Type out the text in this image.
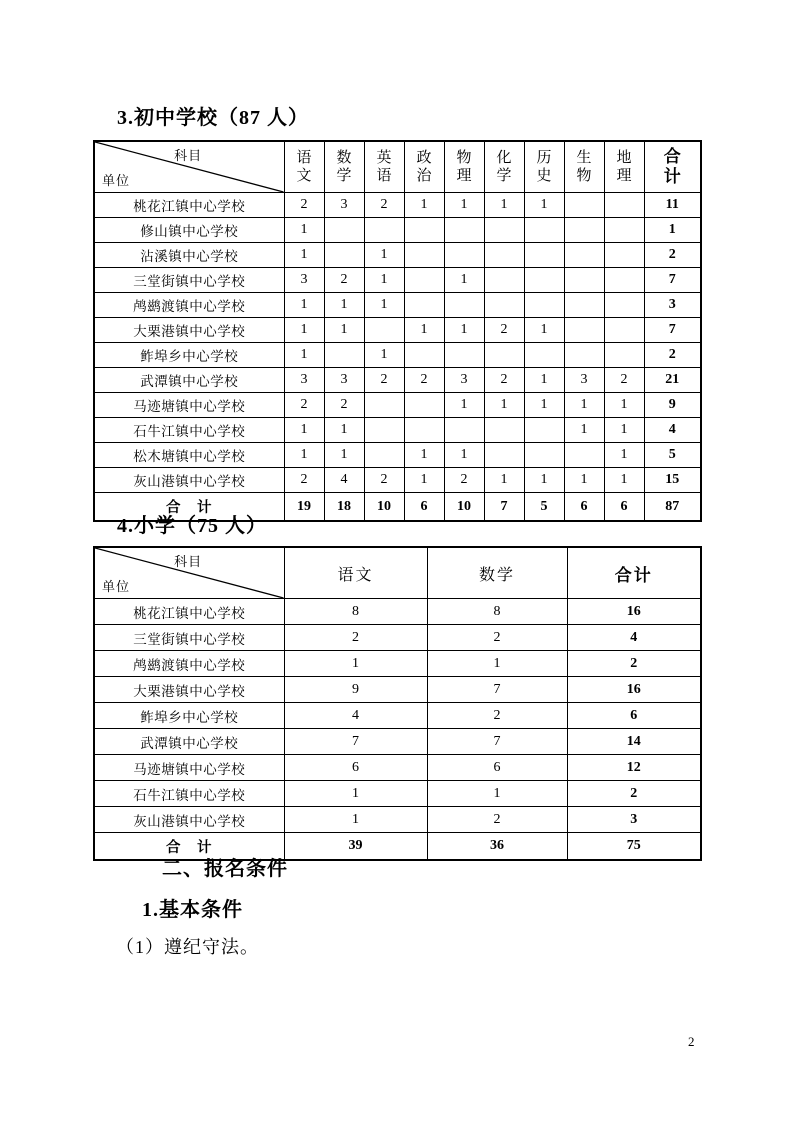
3.初中学校（87 人）
科目
单位	语文	数学	英语	政治	物理	化学	历史	生物	地理	合计
桃花江镇中心学校	2	3	2	1	1	1	1			11
修山镇中心学校	1									1
沾溪镇中心学校	1		1							2
三堂街镇中心学校	3	2	1		1					7
鸬鹚渡镇中心学校	1	1	1							3
大栗港镇中心学校	1	1		1	1	2	1			7
鲊埠乡中心学校	1		1							2
武潭镇中心学校	3	3	2	2	3	2	1	3	2	21
马迹塘镇中心学校	2	2			1	1	1	1	1	9
石牛江镇中心学校	1	1						1	1	4
松木塘镇中心学校	1	1		1	1				1	5
灰山港镇中心学校	2	4	2	1	2	1	1	1	1	15
合　计	19	18	10	6	10	7	5	6	6	87
4.小学（75 人）
科目
单位	语文	数学	合计
桃花江镇中心学校	8	8	16
三堂街镇中心学校	2	2	4
鸬鹚渡镇中心学校	1	1	2
大栗港镇中心学校	9	7	16
鲊埠乡中心学校	4	2	6
武潭镇中心学校	7	7	14
马迹塘镇中心学校	6	6	12
石牛江镇中心学校	1	1	2
灰山港镇中心学校	1	2	3
合　计	39	36	75
二、报名条件
1.基本条件
（1）遵纪守法。
2
